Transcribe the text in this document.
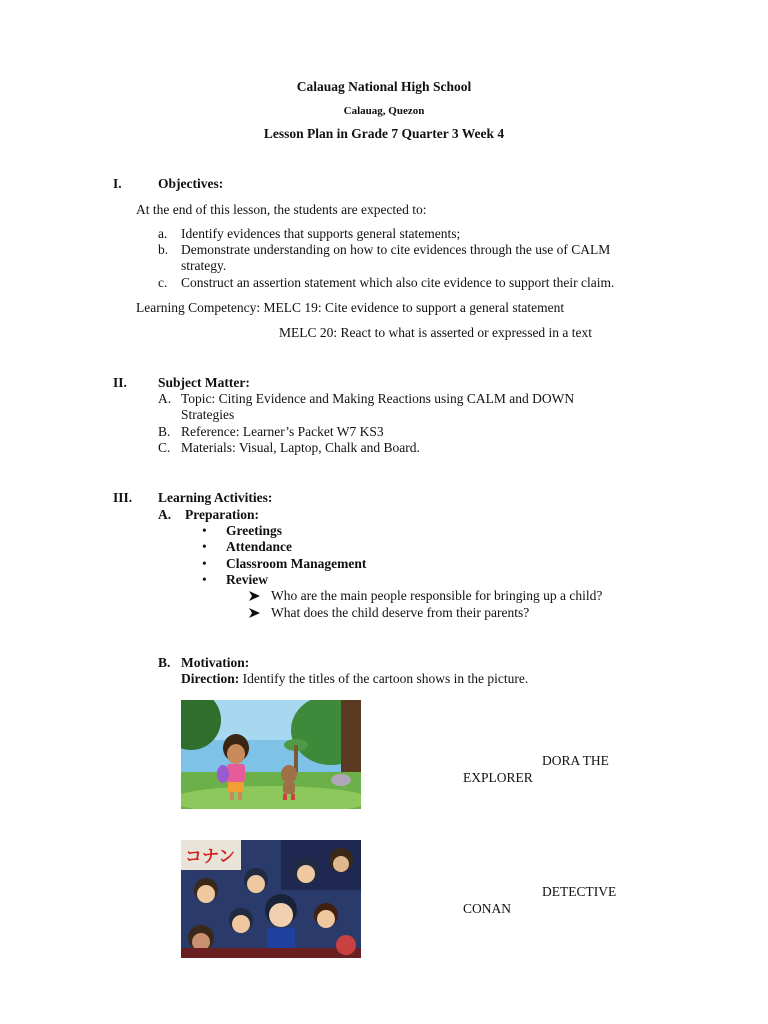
Calauag National High School
Calauag, Quezon
Lesson Plan in Grade 7 Quarter 3 Week 4
I.	Objectives:
At the end of this lesson, the students are expected to:
a. Identify evidences that supports general statements;
b. Demonstrate understanding on how to cite evidences through the use of CALM
strategy.
c. Construct an assertion statement which also cite evidence to support their claim.
Learning Competency: MELC 19: Cite evidence to support a general statement
MELC 20: React to what is asserted or expressed in a text
II. Subject Matter:
A. Topic: Citing Evidence and Making Reactions using CALM and DOWN
Strategies
B. Reference: Learner’s Packet W7 KS3
C. Materials: Visual, Laptop, Chalk and Board.
III. Learning Activities:
A. Preparation:
• Greetings
• Attendance
• Classroom Management
• Review
Who are the main people responsible for bringing up a child?
What does the child deserve from their parents?
B. Motivation:
Direction: Identify the titles of the cartoon shows in the picture.
DORA THE
EXPLORER
コナン
DETECTIVE
CONAN
